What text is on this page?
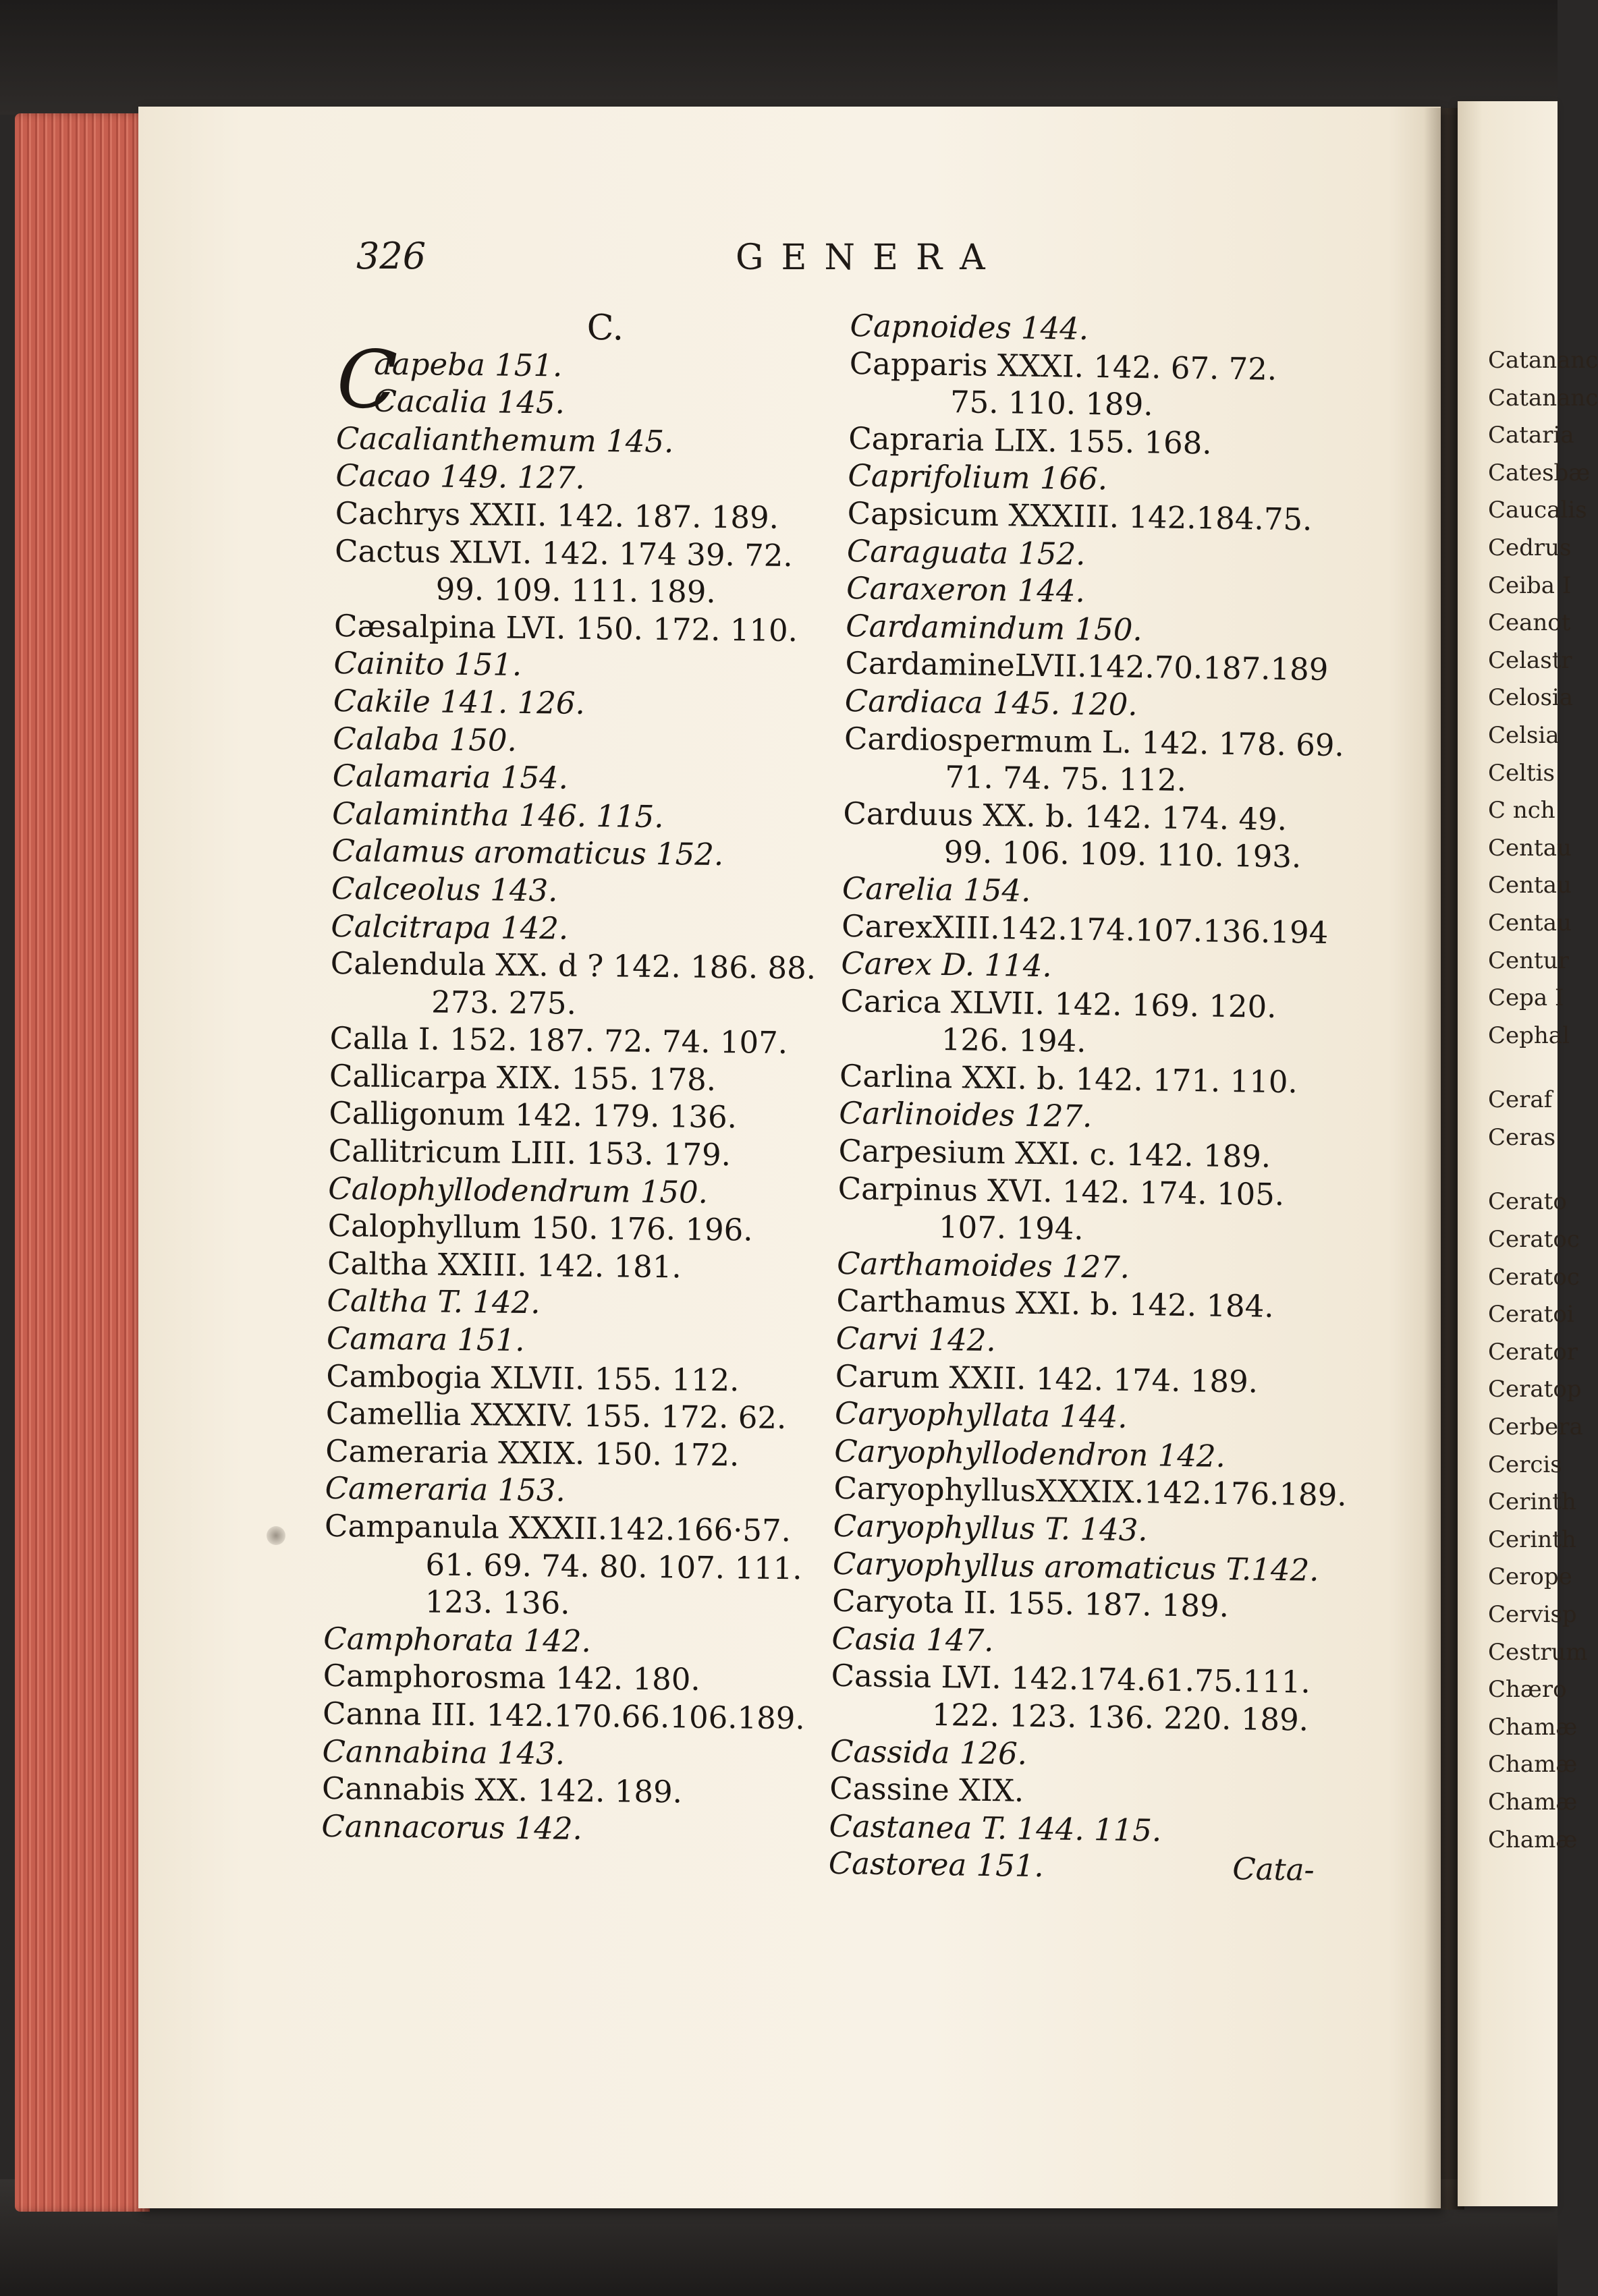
326	GENERA
C.
C
aapeba 151.
Cacalia 145.
Cacalianthemum 145.
Cacao 149. 127.
Cachrys XXII. 142. 187. 189.
Cactus XLVI. 142. 174 39. 72.
99. 109. 111. 189.
Cæsalpina LVI. 150. 172. 110.
Cainito 151.
Cakile 141. 126.
Calaba 150.
Calamaria 154.
Calamintha 146. 115.
Calamus aromaticus 152.
Calceolus 143.
Calcitrapa 142.
Calendula XX. d ? 142. 186. 88.
273. 275.
Calla I. 152. 187. 72. 74. 107.
Callicarpa XIX. 155. 178.
Calligonum 142. 179. 136.
Callitricum LIII. 153. 179.
Calophyllodendrum 150.
Calophyllum 150. 176. 196.
Caltha XXIII. 142. 181.
Caltha T. 142.
Camara 151.
Cambogia XLVII. 155. 112.
Camellia XXXIV. 155. 172. 62.
Cameraria XXIX. 150. 172.
Cameraria 153.
Campanula XXXII.142.166·57.
61. 69. 74. 80. 107. 111.
123. 136.
Camphorata 142.
Camphorosma 142. 180.
Canna III. 142.170.66.106.189.
Cannabina 143.
Cannabis XX. 142. 189.
Cannacorus 142.
Capnoides 144.
Capparis XXXI. 142. 67. 72.
75. 110. 189.
Capraria LIX. 155. 168.
Caprifolium 166.
Capsicum XXXIII. 142.184.75.
Caraguata 152.
Caraxeron 144.
Cardamindum 150.
CardamineLVII.142.70.187.189
Cardiaca 145. 120.
Cardiospermum L. 142. 178. 69.
71. 74. 75. 112.
Carduus XX. b. 142. 174. 49.
99. 106. 109. 110. 193.
Carelia 154.
CarexXIII.142.174.107.136.194
Carex D. 114.
Carica XLVII. 142. 169. 120.
126. 194.
Carlina XXI. b. 142. 171. 110.
Carlinoides 127.
Carpesium XXI. c. 142. 189.
Carpinus XVI. 142. 174. 105.
107. 194.
Carthamoides 127.
Carthamus XXI. b. 142. 184.
Carvi 142.
Carum XXII. 142. 174. 189.
Caryophyllata 144.
Caryophyllodendron 142.
CaryophyllusXXXIX.142.176.189.
Caryophyllus T. 143.
Caryophyllus aromaticus T.142.
Caryota II. 155. 187. 189.
Casia 147.
Cassia LVI. 142.174.61.75.111.
122. 123. 136. 220. 189.
Cassida 126.
Cassine XIX.
Castanea T. 144. 115.
Castorea 151.	Cata-
Catananc
Catananc
Cataria
Catesbæ
Caucalis
Cedrus
Ceiba I
Ceanot
Celastr
Celosia
Celsia
Celtis
C nch
Centau
Centau
Centau
Centur
Cepa I
Cephal
Ceraf
Ceras
Cerato
Ceratoc
Ceratoc
Ceratoi
Cerator
Ceratop
Cerbera
Cercis
Cerinth
Cerinth
Cerope
Cervisp
Cestrum
Chæro
Chamæ
Chamæ
Chamæ
Chamæ
